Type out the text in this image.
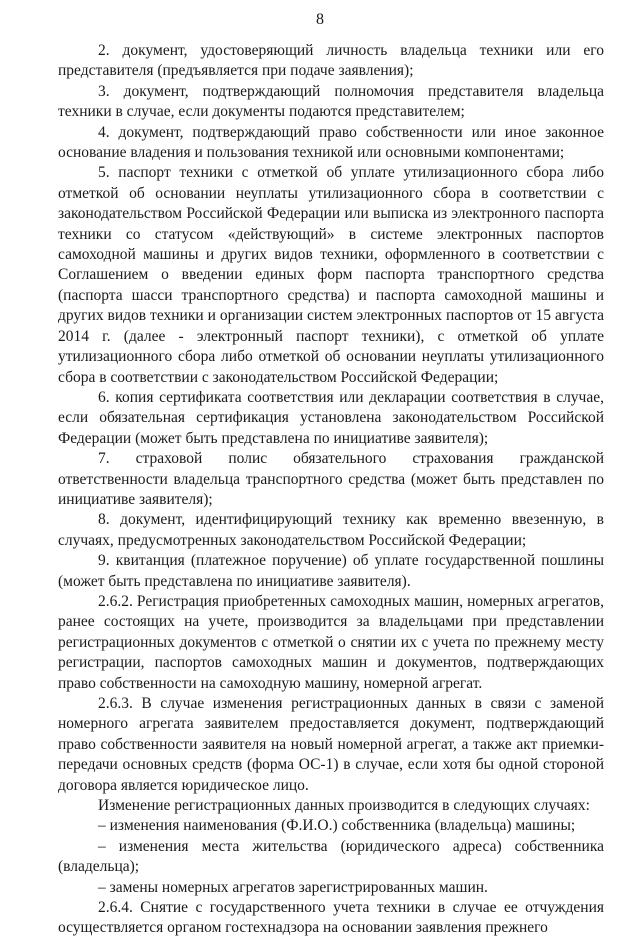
8

2. документ, удостоверяющий личность владельца техники или его представителя (предъявляется при подаче заявления);

3. документ, подтверждающий полномочия представителя владельца техники в случае, если документы подаются представителем;

4. документ, подтверждающий право собственности или иное законное основание владения и пользования техникой или основными компонентами;

5. паспорт техники с отметкой об уплате утилизационного сбора либо отметкой об основании неуплаты утилизационного сбора в соответствии с законодательством Российской Федерации или выписка из электронного паспорта техники со статусом «действующий» в системе электронных паспортов самоходной машины и других видов техники, оформленного в соответствии с Соглашением о введении единых форм паспорта транспортного средства (паспорта шасси транспортного средства) и паспорта самоходной машины и других видов техники и организации систем электронных паспортов от 15 августа 2014 г. (далее - электронный паспорт техники), с отметкой об уплате утилизационного сбора либо отметкой об основании неуплаты утилизационного сбора в соответствии с законодательством Российской Федерации;

6. копия сертификата соответствия или декларации соответствия в случае, если обязательная сертификация установлена законодательством Российской Федерации (может быть представлена по инициативе заявителя);

7. страховой полис обязательного страхования гражданской ответственности владельца транспортного средства (может быть представлен по инициативе заявителя);

8. документ, идентифицирующий технику как временно ввезенную, в случаях, предусмотренных законодательством Российской Федерации;

9. квитанция (платежное поручение) об уплате государственной пошлины (может быть представлена по инициативе заявителя).

2.6.2. Регистрация приобретенных самоходных машин, номерных агрегатов, ранее состоящих на учете, производится за владельцами при представлении регистрационных документов с отметкой о снятии их с учета по прежнему месту регистрации, паспортов самоходных машин и документов, подтверждающих право собственности на самоходную машину, номерной агрегат.

2.6.3. В случае изменения регистрационных данных в связи с заменой номерного агрегата заявителем предоставляется документ, подтверждающий право собственности заявителя на новый номерной агрегат, а также акт приемки-передачи основных средств (форма ОС-1) в случае, если хотя бы одной стороной договора является юридическое лицо.

Изменение регистрационных данных производится в следующих случаях:

– изменения наименования (Ф.И.О.) собственника (владельца) машины;

– изменения места жительства (юридического адреса) собственника (владельца);

– замены номерных агрегатов зарегистрированных машин.

2.6.4. Снятие с государственного учета техники в случае ее отчуждения осуществляется органом гостехнадзора на основании заявления прежнего
